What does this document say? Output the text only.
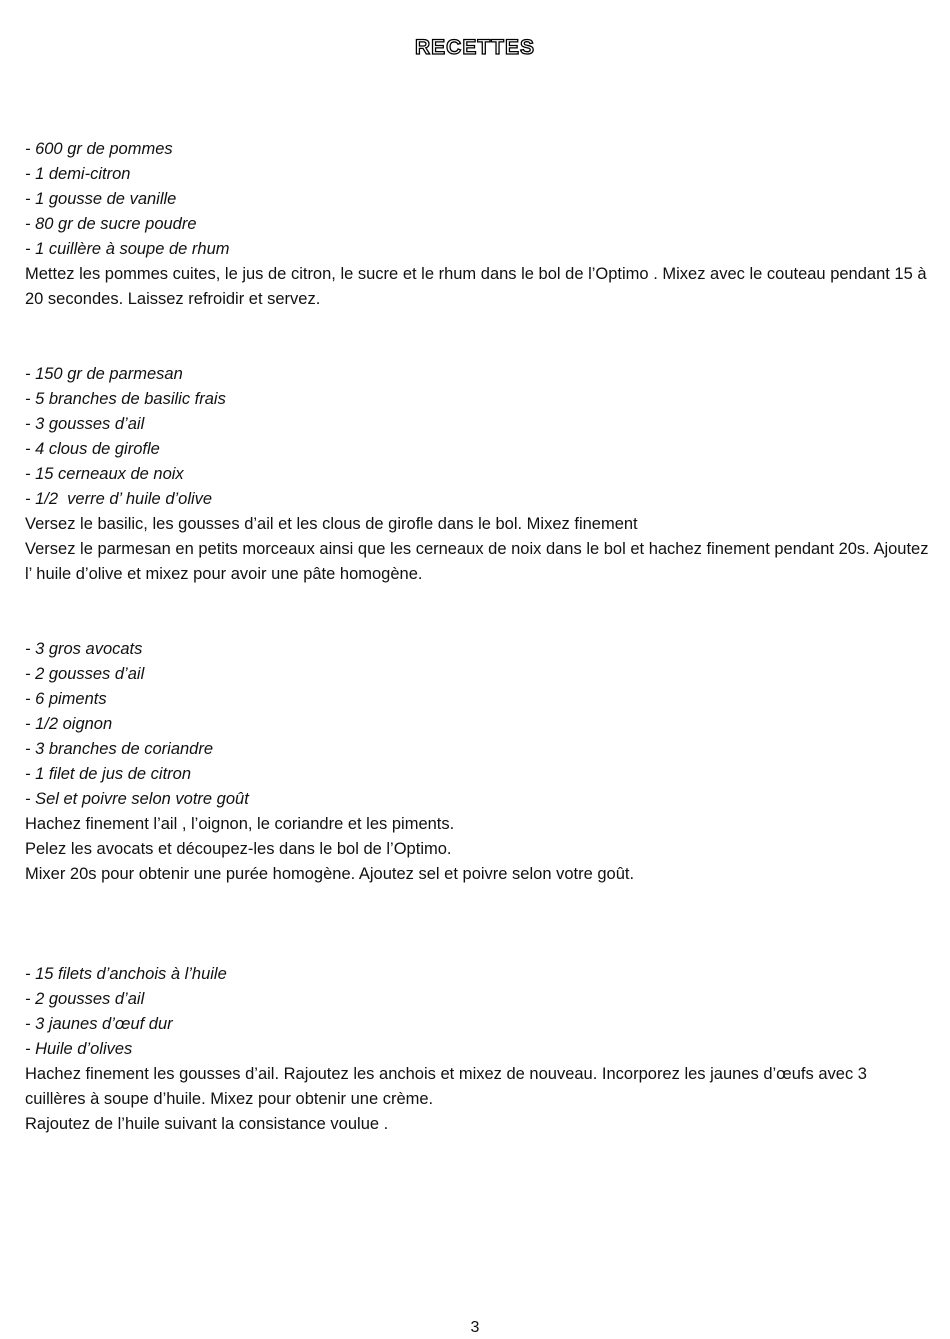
RECETTES
- 600 gr de pommes
- 1 demi-citron
- 1 gousse de vanille
- 80 gr de sucre poudre
- 1 cuillère à soupe de rhum

Mettez les pommes cuites, le jus de citron, le sucre et le rhum dans le bol de l’Optimo . Mixez avec le couteau pendant 15 à 20 secondes. Laissez refroidir et servez.

- 150 gr de parmesan
- 5 branches de basilic frais
- 3 gousses d’ail
- 4 clous de girofle
- 15 cerneaux de noix
- 1/2  verre d’ huile d’olive

Versez le basilic, les gousses d’ail et les clous de girofle dans le bol. Mixez finement

Versez le parmesan en petits morceaux ainsi que les cerneaux de noix dans le bol et hachez finement pendant 20s. Ajoutez l’ huile d’olive et mixez pour avoir une pâte homogène.

- 3 gros avocats
- 2 gousses d’ail
- 6 piments
- 1/2 oignon
- 3 branches de coriandre
- 1 filet de jus de citron
- Sel et poivre selon votre goût

Hachez finement l’ail , l’oignon, le coriandre et les piments.

Pelez les avocats et découpez-les dans le bol de l’Optimo.

Mixer 20s pour obtenir une purée homogène. Ajoutez sel et poivre selon votre goût.

- 15 filets d’anchois à l’huile
- 2 gousses d’ail
- 3 jaunes d’œuf dur
- Huile d’olives

Hachez finement les gousses d’ail. Rajoutez les anchois et mixez de nouveau. Incorporez les jaunes d’œufs avec 3 cuillères à soupe d’huile. Mixez pour obtenir une crème.

Rajoutez de l’huile suivant la consistance voulue .

3
